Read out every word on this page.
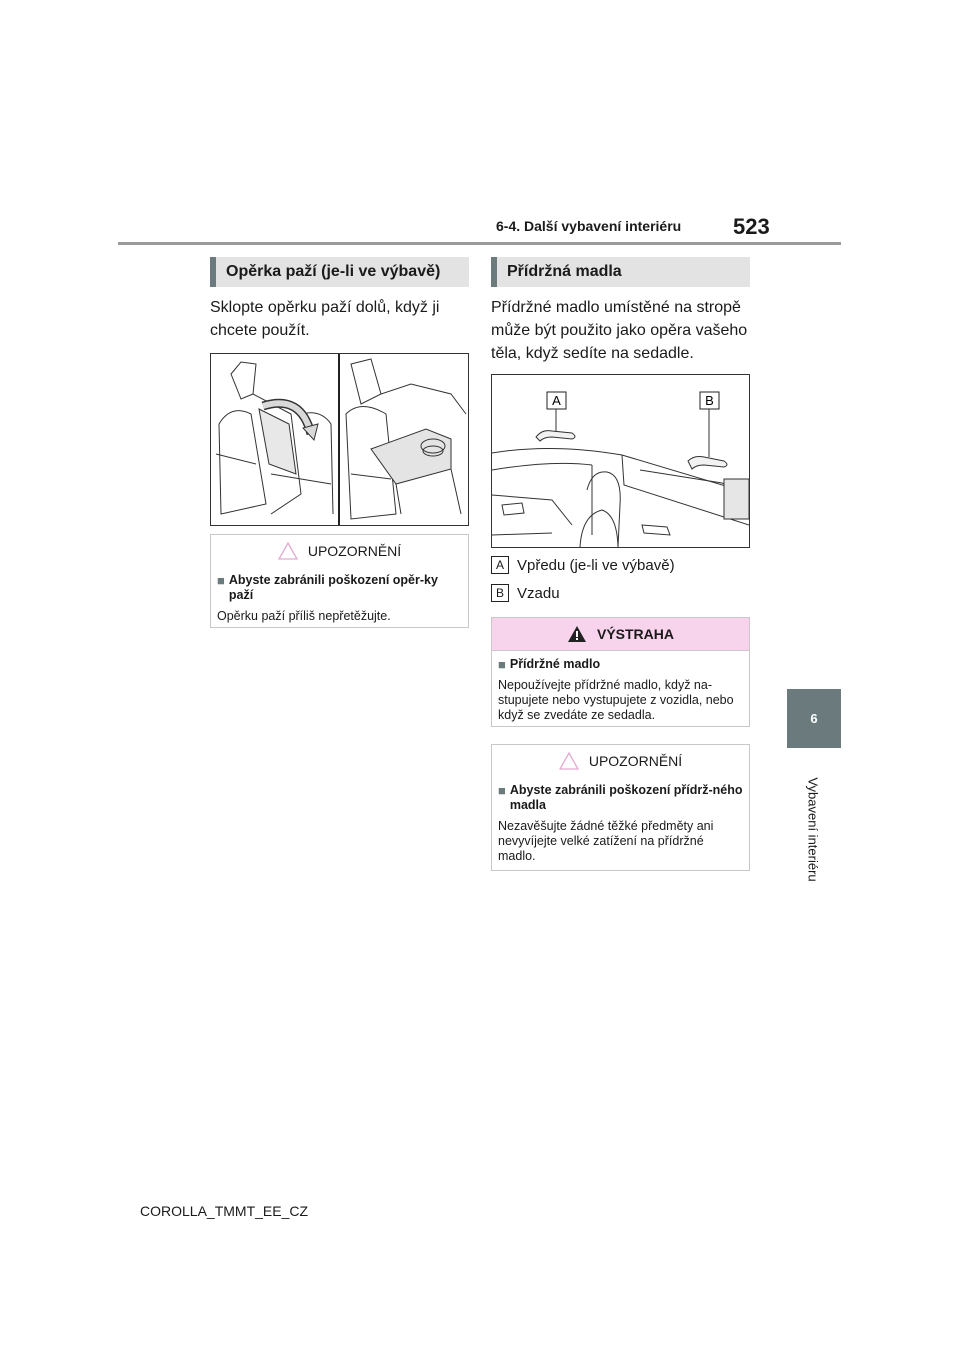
6-4. Další vybavení interiéru 523
6
Vybavení interiéru
Opěrka paží (je-li ve výbavě)
Sklopte opěrku paží dolů, když ji
chcete použít.
UPOZORNĚNÍ
■ Abyste zabránili poškození opěr-ky paží
Opěrku paží příliš nepřetěžujte.
Přídržná madla
Přídržné madlo umístěné na stropě
může být použito jako opěra vašeho
těla, když sedíte na sedadle.
A	B
A Vpředu (je-li ve výbavě)
B Vzadu
VÝSTRAHA
■ Přídržné madlo
Nepoužívejte přídržné madlo, když na-stupujete nebo vystupujete z vozidla, nebo když se zvedáte ze sedadla.
UPOZORNĚNÍ
■ Abyste zabránili poškození přídrž-ného madla
Nezavěšujte žádné těžké předměty ani nevyvíjejte velké zatížení na přídržné madlo.
COROLLA_TMMT_EE_CZ
